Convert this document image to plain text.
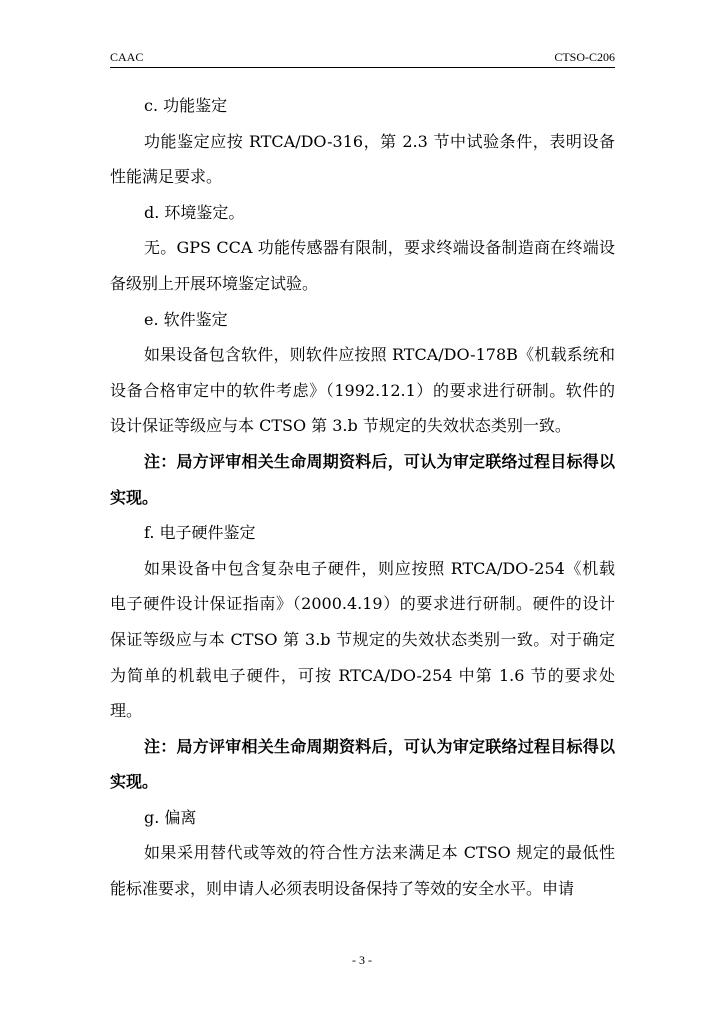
CAAC	CTSO-C206

c. 功能鉴定

功能鉴定应按 RTCA/DO-316，第 2.3 节中试验条件，表明设备性能满足要求。

d. 环境鉴定。

无。GPS CCA 功能传感器有限制，要求终端设备制造商在终端设备级别上开展环境鉴定试验。

e. 软件鉴定

如果设备包含软件，则软件应按照 RTCA/DO-178B《机载系统和设备合格审定中的软件考虑》（1992.12.1）的要求进行研制。软件的设计保证等级应与本 CTSO 第 3.b 节规定的失效状态类别一致。

注：局方评审相关生命周期资料后，可认为审定联络过程目标得以实现。

f. 电子硬件鉴定

如果设备中包含复杂电子硬件，则应按照 RTCA/DO-254《机载电子硬件设计保证指南》（2000.4.19）的要求进行研制。硬件的设计保证等级应与本 CTSO 第 3.b 节规定的失效状态类别一致。对于确定为简单的机载电子硬件，可按 RTCA/DO-254 中第 1.6 节的要求处理。

注：局方评审相关生命周期资料后，可认为审定联络过程目标得以实现。

g. 偏离

如果采用替代或等效的符合性方法来满足本 CTSO 规定的最低性能标准要求，则申请人必须表明设备保持了等效的安全水平。申请

- 3 -
